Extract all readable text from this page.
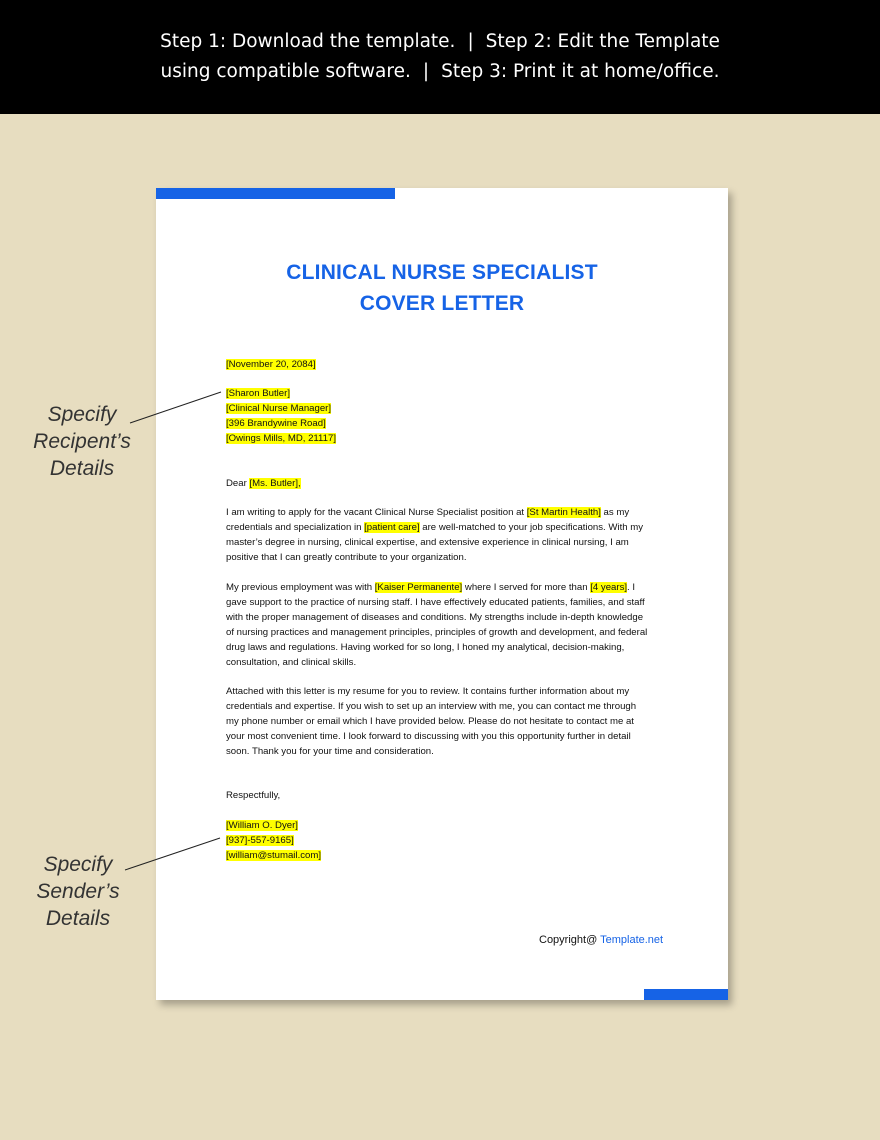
Step 1: Download the template. | Step 2: Edit the Template
using compatible software. | Step 3: Print it at home/office.
Specify
Recipent’s
Details
Specify
Sender’s
Details
CLINICAL NURSE SPECIALIST
COVER LETTER
[November 20, 2084]
[Sharon Butler]
[Clinical Nurse Manager]
[396 Brandywine Road]
[Owings Mills, MD, 21117]
Dear [Ms. Butler],
I am writing to apply for the vacant Clinical Nurse Specialist position at [St Martin Health] as my
credentials and specialization in [patient care] are well-matched to your job specifications. With my
master’s degree in nursing, clinical expertise, and extensive experience in clinical nursing, I am
positive that I can greatly contribute to your organization.
My previous employment was with [Kaiser Permanente] where I served for more than [4 years]. I
gave support to the practice of nursing staff. I have effectively educated patients, families, and staff
with the proper management of diseases and conditions. My strengths include in-depth knowledge
of nursing practices and management principles, principles of growth and development, and federal
drug laws and regulations. Having worked for so long, I honed my analytical, decision-making,
consultation, and clinical skills.
Attached with this letter is my resume for you to review. It contains further information about my
credentials and expertise. If you wish to set up an interview with me, you can contact me through
my phone number or email which I have provided below. Please do not hesitate to contact me at
your most convenient time. I look forward to discussing with you this opportunity further in detail
soon. Thank you for your time and consideration.
Respectfully,
[William O. Dyer]
[937]-557-9165]
[william@stumail.com]
Copyright@ Template.net
